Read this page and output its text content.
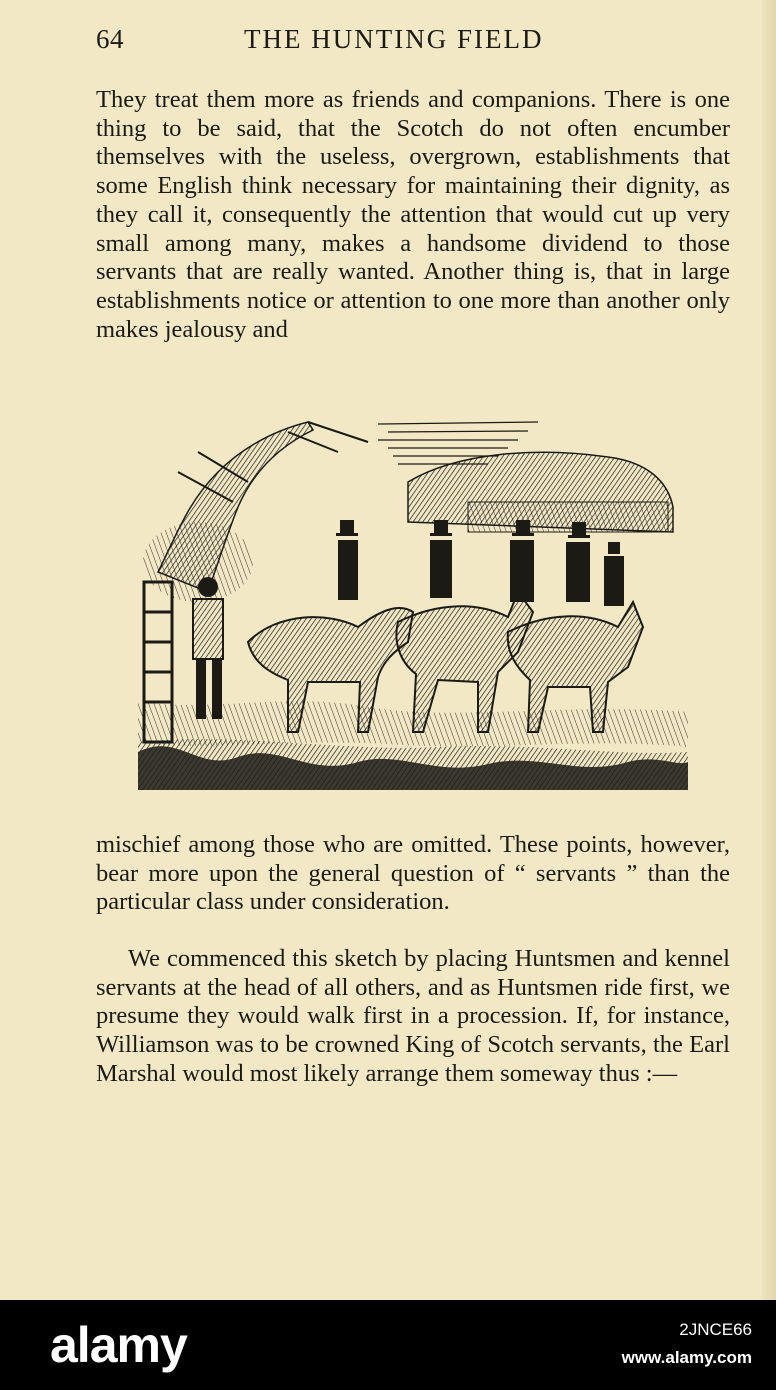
64	THE HUNTING FIELD

They treat them more as friends and companions. There is one thing to be said, that the Scotch do not often encumber themselves with the useless, overgrown, establishments that some English think necessary for maintaining their dignity, as they call it, consequently the attention that would cut up very small among many, makes a handsome dividend to those servants that are really wanted. Another thing is, that in large establishments notice or attention to one more than another only makes jealousy and

mischief among those who are omitted. These points, however, bear more upon the general question of “ servants ” than the particular class under consideration.

We commenced this sketch by placing Huntsmen and kennel servants at the head of all others, and as Huntsmen ride first, we presume they would walk first in a procession. If, for instance, Williamson was to be crowned King of Scotch servants, the Earl Marshal would most likely arrange them someway thus :—

alamy	2JNCE66
www.alamy.com
